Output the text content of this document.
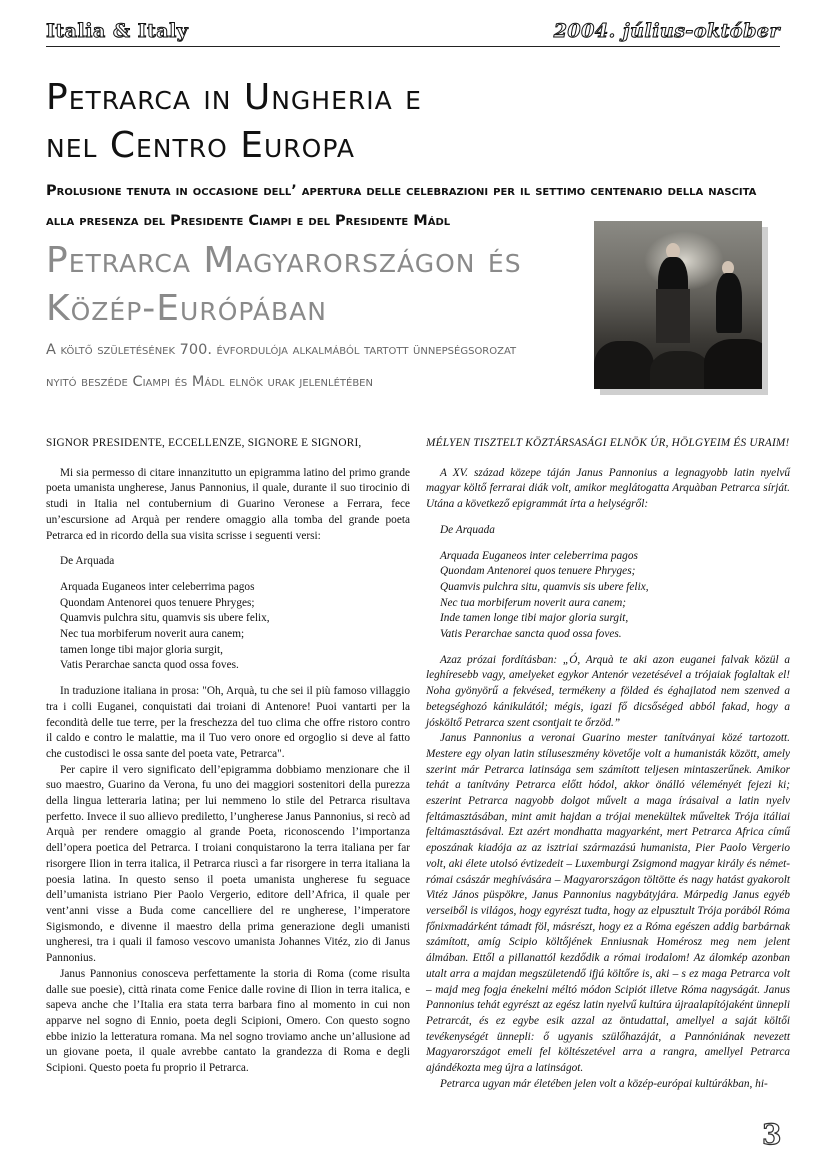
Italia & Italy	2004. július-október
Petrarca in Ungheria e
nel Centro Europa
Prolusione tenuta in occasione dell’ apertura delle celebrazioni per il settimo centenario della nascita
alla presenza del Presidente Ciampi e del Presidente Mádl
Petrarca Magyarországon és
Közép-Európában
A költő születésének 700. évfordulója alkalmából tartott ünnepségsorozat
nyitó beszéde Ciampi és Mádl elnök urak jelenlétében

SIGNOR PRESIDENTE, ECCELLENZE, SIGNORE E SIGNORI,

Mi sia permesso di citare innanzitutto un epigramma latino del primo grande poeta umanista ungherese, Janus Pannonius, il quale, durante il suo tirocinio di studi in Italia nel contubernium di Guarino Veronese a Ferrara, fece un’escursione ad Arquà per rendere omaggio alla tomba del grande poeta Petrarca ed in ricordo della sua visita scrisse i seguenti versi:

De Arquada

Arquada Euganeos inter celeberrima pagos
Quondam Antenorei quos tenuere Phryges;
Quamvis pulchra situ, quamvis sis ubere felix,
Nec tua morbiferum noverit aura canem;
tamen longe tibi major gloria surgit,
Vatis Perarchae sancta quod ossa foves.

In traduzione italiana in prosa: "Oh, Arquà, tu che sei il più famoso villaggio tra i colli Euganei, conquistati dai troiani di Antenore! Puoi vantarti per la fecondità delle tue terre, per la freschezza del tuo clima che offre ristoro contro il caldo e contro le malattie, ma il Tuo vero onore ed orgoglio si deve al fatto che custodisci le ossa sante del poeta vate, Petrarca".

Per capire il vero significato dell’epigramma dobbiamo menzionare che il suo maestro, Guarino da Verona, fu uno dei maggiori sostenitori della purezza della lingua letteraria latina; per lui nemmeno lo stile del Petrarca risultava perfetto. Invece il suo allievo prediletto, l’ungherese Janus Pannonius, si recò ad Arquà per rendere omaggio al grande Poeta, riconoscendo l’importanza dell’opera poetica del Petrarca. I troiani conquistarono la terra italiana per far risorgere Ilion in terra italica, il Petrarca riuscì a far risorgere in terra italiana la poesia latina. In questo senso il poeta umanista ungherese fu seguace dell’umanista istriano Pier Paolo Vergerio, editore dell’Africa, il quale per vent’anni visse a Buda come cancelliere del re ungherese, l’imperatore Sigismondo, e divenne il maestro della prima generazione degli umanisti ungheresi, tra i quali il famoso vescovo umanista Johannes Vitéz, zio di Janus Pannonius.

Janus Pannonius conosceva perfettamente la storia di Roma (come risulta dalle sue poesie), città rinata come Fenice dalle rovine di Ilion in terra italica, e sapeva anche che l’Italia era stata terra barbara fino al momento in cui non apparve nel sogno di Ennio, poeta degli Scipioni, Omero. Con questo sogno ebbe inizio la letteratura romana. Ma nel sogno troviamo anche un’allusione ad un giovane poeta, il quale avrebbe cantato la grandezza di Roma e degli Scipioni. Questo poeta fu proprio il Petrarca.

MÉLYEN TISZTELT KÖZTÁRSASÁGI ELNÖK ÚR, HÖLGYEIM ÉS URAIM!

A XV. század közepe táján Janus Pannonius a legnagyobb latin nyelvű magyar költő ferrarai diák volt, amikor meglátogatta Arquàban Petrarca sírját. Utána a következő epigrammát írta a helységről:

De Arquada

Arquada Euganeos inter celeberrima pagos
Quondam Antenorei quos tenuere Phryges;
Quamvis pulchra situ, quamvis sis ubere felix,
Nec tua morbiferum noverit aura canem;
Inde tamen longe tibi major gloria surgit,
Vatis Perarchae sancta quod ossa foves.

Azaz prózai fordításban: „Ó, Arquà te aki azon euganei falvak közül a leghíresebb vagy, amelyeket egykor Antenór vezetésével a trójaiak foglaltak el! Noha gyönyörű a fekvésed, termékeny a földed és éghajlatod nem szenved a betegséghozó kánikulától; mégis, igazi fő dicsőséged abból fakad, hogy a jósköltő Petrarca szent csontjait te őrzöd.”

Janus Pannonius a veronai Guarino mester tanítványai közé tartozott. Mestere egy olyan latin stíluseszmény követője volt a humanisták között, amely szerint már Petrarca latinsága sem számított teljesen mintaszerűnek. Amikor tehát a tanítvány Petrarca előtt hódol, akkor önálló véleményét fejezi ki; eszerint Petrarca nagyobb dolgot művelt a maga írásaival a latin nyelv feltámasztásában, mint amit hajdan a trójai menekültek műveltek Trója itáliai feltámasztásával. Ezt azért mondhatta magyarként, mert Petrarca Africa című eposzának kiadója az az isztriai származású humanista, Pier Paolo Vergerio volt, aki élete utolsó évtizedeit – Luxemburgi Zsigmond magyar király és német-római császár meghívására – Magyarországon töltötte és nagy hatást gyakorolt Vitéz János püspökre, Janus Pannonius nagybátyjára. Márpedig Janus egyéb verseiből is világos, hogy egyrészt tudta, hogy az elpusztult Trója porából Róma főnixmadárként támadt föl, másrészt, hogy ez a Róma egészen addig barbárnak számított, amíg Scipio költőjének Enniusnak Homérosz meg nem jelent álmában. Ettől a pillanattól kezdődik a római irodalom! Az álomkép azonban utalt arra a majdan megszületendő ifjú költőre is, aki – s ez maga Petrarca volt – majd meg fogja énekelni méltó módon Scipiót illetve Róma nagyságát. Janus Pannonius tehát egyrészt az egész latin nyelvű kultúra újraalapítójaként ünnepli Petrarcát, és ez egybe esik azzal az öntudattal, amellyel a saját költői tevékenységét ünnepli: ő ugyanis szülőhazáját, a Pannóniának nevezett Magyarországot emeli fel költészetével arra a rangra, amellyel Petrarca ajándékozta meg újra a latinságot.

Petrarca ugyan már életében jelen volt a közép-európai kultúrákban, hi-

3
